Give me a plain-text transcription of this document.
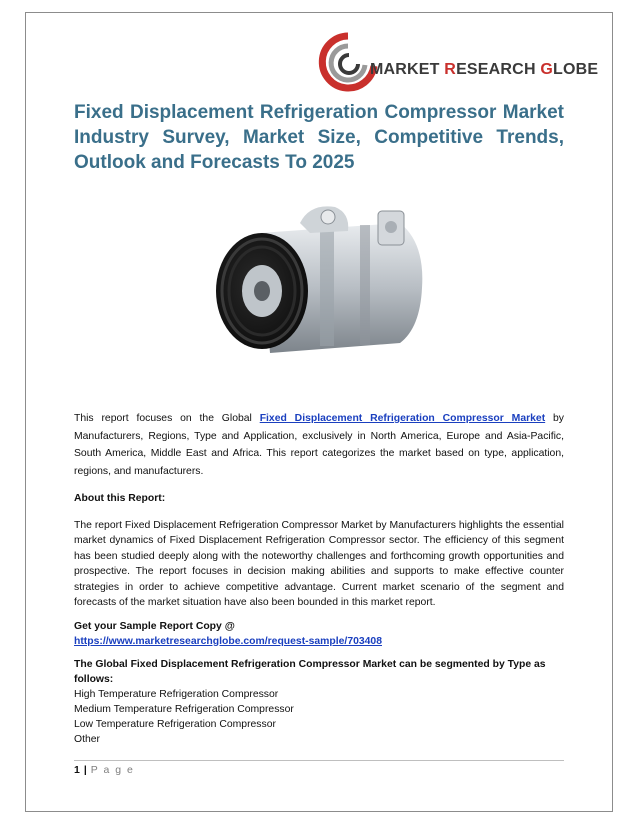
MARKET RESEARCH GLOBE
Fixed Displacement Refrigeration Compressor Market Industry Survey, Market Size, Competitive Trends, Outlook and Forecasts To 2025

This report focuses on the Global Fixed Displacement Refrigeration Compressor Market by Manufacturers, Regions, Type and Application, exclusively in North America, Europe and Asia-Pacific, South America, Middle East and Africa. This report categorizes the market based on type, application, regions, and manufacturers.

About this Report:

The report Fixed Displacement Refrigeration Compressor Market by Manufacturers highlights the essential market dynamics of Fixed Displacement Refrigeration Compressor sector. The efficiency of this segment has been studied deeply along with the noteworthy challenges and forthcoming growth opportunities and prospective. The report focuses in decision making abilities and supports to make effective counter strategies in order to achieve competitive advantage. Current market scenario of the segment and forecasts of the market situation have also been bounded in this market report.

Get your Sample Report Copy @
https://www.marketresearchglobe.com/request-sample/703408

The Global Fixed Displacement Refrigeration Compressor Market can be segmented by Type as follows:

High Temperature Refrigeration Compressor
Medium Temperature Refrigeration Compressor
Low Temperature Refrigeration Compressor
Other
1 | P a g e
